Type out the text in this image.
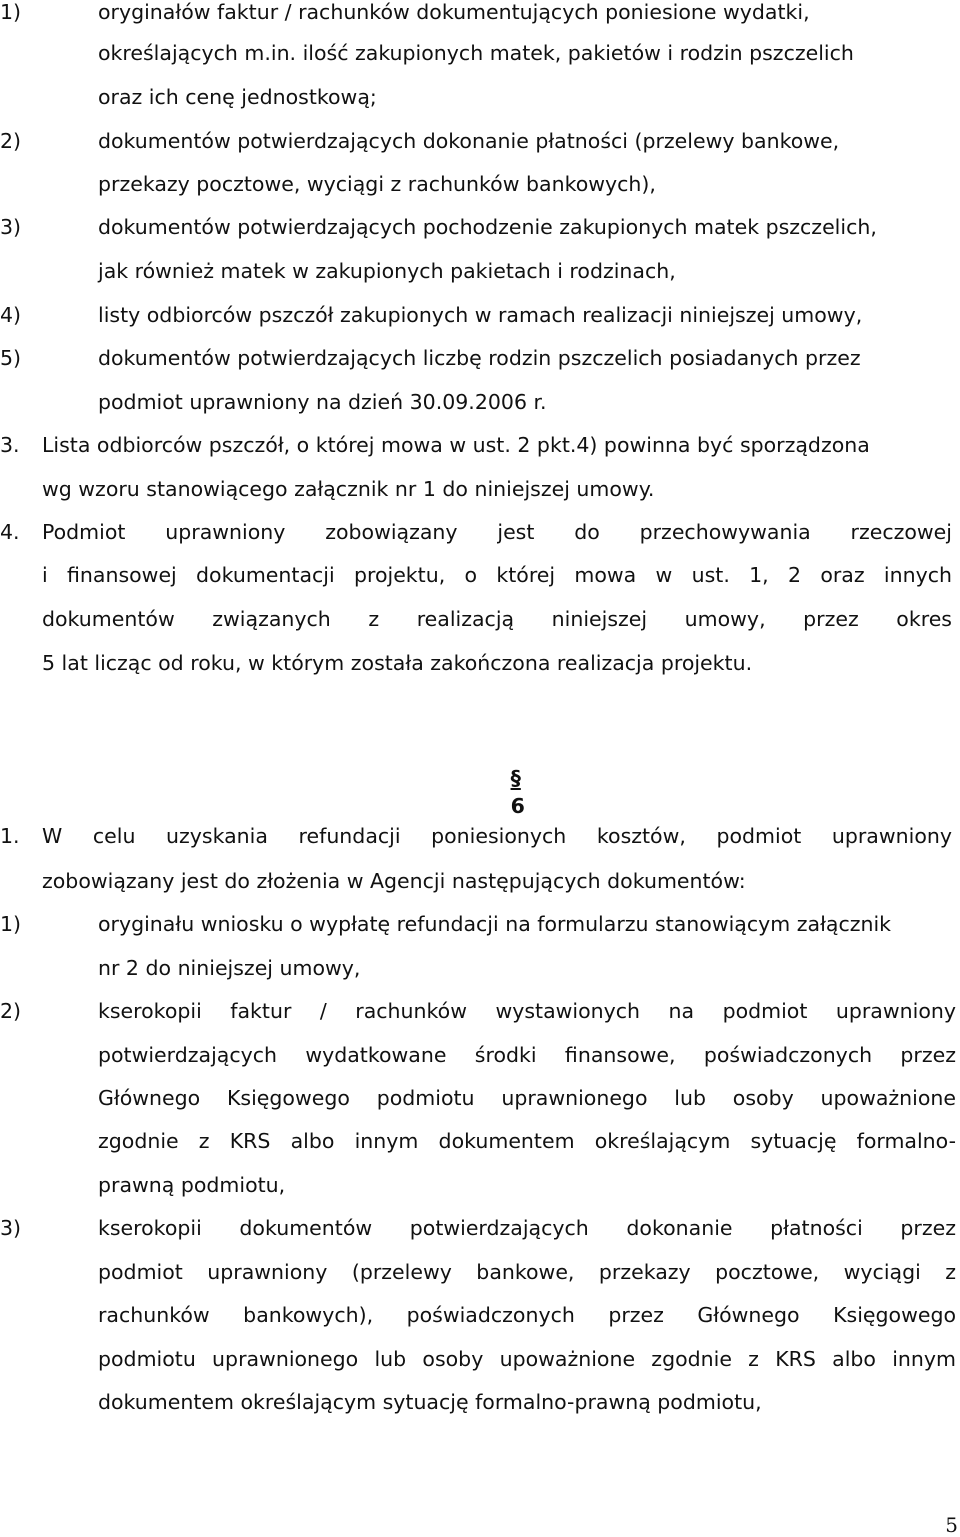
1)	oryginałów faktur / rachunków dokumentujących poniesione wydatki,
określających m.in. ilość zakupionych matek, pakietów i rodzin pszczelich
oraz ich cenę jednostkową;
2)	dokumentów potwierdzających dokonanie płatności (przelewy bankowe,
przekazy pocztowe, wyciągi z rachunków bankowych),
3)	dokumentów potwierdzających pochodzenie zakupionych matek pszczelich,
jak również matek w zakupionych pakietach i rodzinach,
4)	listy odbiorców pszczół zakupionych w ramach realizacji niniejszej umowy,
5)	dokumentów potwierdzających liczbę rodzin pszczelich posiadanych przez
podmiot uprawniony na dzień 30.09.2006 r.
3. Lista odbiorców pszczół, o której mowa w ust. 2 pkt.4) powinna być sporządzona
wg wzoru stanowiącego załącznik nr 1 do niniejszej umowy.
4. Podmiot uprawniony zobowiązany jest do przechowywania rzeczowej
i finansowej dokumentacji projektu, o której mowa w ust. 1, 2 oraz innych
dokumentów związanych z realizacją niniejszej umowy, przez okres
5 lat licząc od roku, w którym została zakończona realizacja projektu.

§
6

1. W celu uzyskania refundacji poniesionych kosztów, podmiot uprawniony
zobowiązany jest do złożenia w Agencji następujących dokumentów:
1)	oryginału wniosku o wypłatę refundacji na formularzu stanowiącym załącznik
nr 2 do niniejszej umowy,
2)	kserokopii faktur / rachunków wystawionych na podmiot uprawniony
potwierdzających wydatkowane środki finansowe, poświadczonych przez
Głównego Księgowego podmiotu uprawnionego lub osoby upoważnione
zgodnie z KRS albo innym dokumentem określającym sytuację formalno-
prawną podmiotu,
3)	kserokopii dokumentów potwierdzających dokonanie płatności przez
podmiot uprawniony (przelewy bankowe, przekazy pocztowe, wyciągi z
rachunków bankowych), poświadczonych przez Głównego Księgowego
podmiotu uprawnionego lub osoby upoważnione zgodnie z KRS albo innym
dokumentem określającym sytuację formalno-prawną podmiotu,
5
